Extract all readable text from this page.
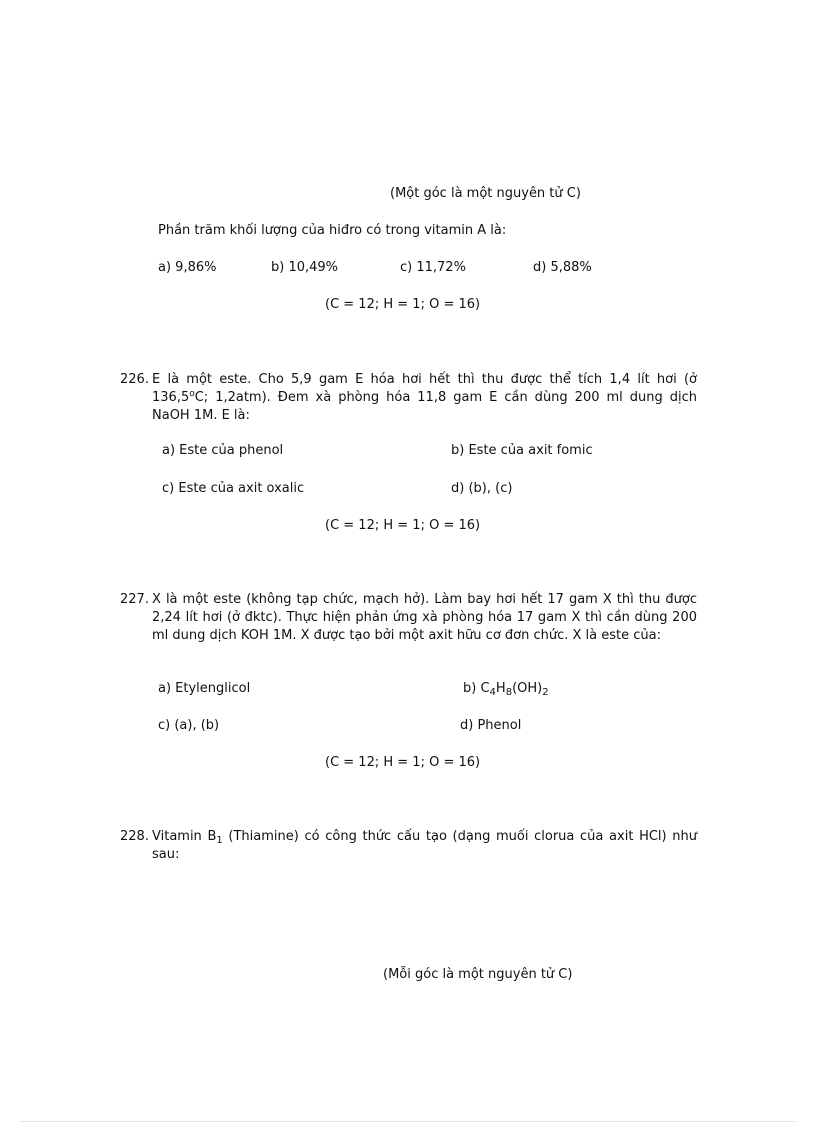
(Một góc là một nguyên tử C)
Phần trăm khối lượng của hiđro có trong vitamin A là:
a) 9,86%	b) 10,49%	c) 11,72%	d) 5,88%
(C = 12; H = 1; O = 16)
226. E là một este. Cho 5,9 gam E hóa hơi hết thì thu được thể tích 1,4 lít hơi (ở 136,5$^o$C; 1,2atm). Đem xà phòng hóa 11,8 gam E cần dùng 200 ml dung dịch NaOH 1M. E là:
a) Este của phenol	b) Este của axit fomic
c) Este của axit oxalic	d) (b), (c)
(C = 12; H = 1; O = 16)
227. X là một este (không tạp chức, mạch hở). Làm bay hơi hết 17 gam X thì thu được 2,24 lít hơi (ở đktc). Thực hiện phản ứng xà phòng hóa 17 gam X thì cần dùng 200 ml dung dịch KOH 1M. X được tạo bởi một axit hữu cơ đơn chức. X là este của:
a) Etylenglicol	b) $C_4H_8(OH)_2$
c) (a), (b)	d) Phenol
(C = 12; H = 1; O = 16)
228. Vitamin $B_1$ (Thiamine) có công thức cấu tạo (dạng muối clorua của axit HCl) như sau:
(Mỗi góc là một nguyên tử C)
